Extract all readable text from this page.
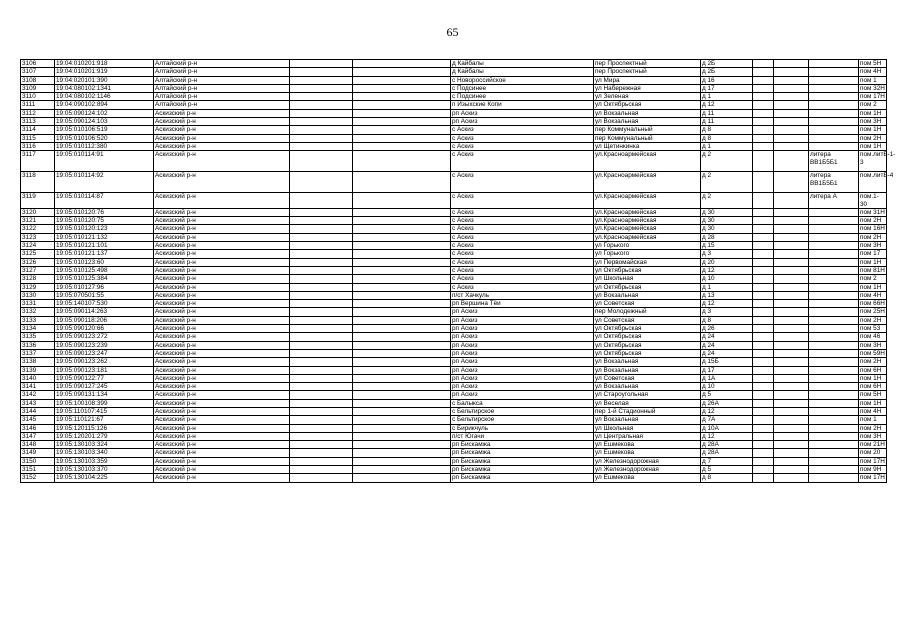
65
3106	19:04:010201:918	Алтайский р-н			д Кайбалы	пер Проспектный	д 2Б				пом 5Н
3107	19:04:010201:919	Алтайский р-н			д Кайбалы	пер Проспектный	д 2Б				пом 4Н
3108	19:04:020101:390	Алтайский р-н			с Новороссийское	ул Мира	д 16				пом 1
3109	19:04:080102:1341	Алтайский р-н			с Подсинее	ул Набережная	д 17				пом 32Н
3110	19:04:080102:1146	Алтайский р-н			с Подсинее	ул Зеленая	д 1				пом 17Н
3111	19:04:090102:894	Алтайский р-н			п Изыхские Копи	ул Октябрьская	д 12				пом 2
3112	19:05:090124:102	Аскизский р-н			рп Аскиз	ул Вокзальная	д 11				пом 1Н
3113	19:05:090124:103	Аскизский р-н			рп Аскиз	ул Вокзальная	д 11				пом 3Н
3114	19:05:010106:519	Аскизский р-н			с Аскиз	пер Коммунальный	д 8				пом 1Н
3115	19:05:010106:520	Аскизский р-н			с Аскиз	пер Коммунальный	д 8				пом 2Н
3116	19:05:010112:380	Аскизский р-н			с Аскиз	ул Щетинкинка	д 1				пом 1Н
3117	19:05:010114:91	Аскизский р-н			с Аскиз	ул.Красноармейская	д 2			литера ВВ1Б5Б1	пом.литБ-1-3
3118	19:05:010114:92	Аскизский р-н			с Аскиз	ул.Красноармейская	д 2			литера ВВ1Б5Б1	пом.литБ-4
3119	19:05:010114:87	Аскизский р-н			с Аскиз	ул.Красноармейская	д 2			литера А	пом.1-30
3120	19:05:010120:76	Аскизский р-н			с Аскиз	ул.Красноармейская	д 30				пом 31Н
3121	19:05:010120:75	Аскизский р-н			с Аскиз	ул.Красноармейская	д 30				пом 2Н
3122	19:05:010120:123	Аскизский р-н			с Аскиз	ул.Красноармейская	д 30				пом 16Н
3123	19:05:010121:132	Аскизский р-н			с Аскиз	ул.Красноармейская	д 28				пом 2Н
3124	19:05:010121:101	Аскизский р-н			с Аскиз	ул Горького	д 15				пом 3Н
3125	19:05:010121:137	Аскизский р-н			с Аскиз	ул Горького	д 3				пом 17
3126	19:05:010123:60	Аскизский р-н			с Аскиз	ул Первомайская	д 20				пом 1Н
3127	19:05:010125:498	Аскизский р-н			с Аскиз	ул Октябрьская	д 12				пом 81Н
3128	19:05:010125:384	Аскизский р-н			с Аскиз	ул Школьная	д 10				пом 2
3129	19:05:010127:96	Аскизский р-н			с Аскиз	ул Октябрьская	д 1				пом 1Н
3130	19:05:070501:55	Аскизский р-н			п/ст Хачкуль	ул Вокзальная	д 13				пом 4Н
3131	19:05:140107:530	Аскизский р-н			рп Вершина Тёи	ул Советская	д 12				пом 66Н
3132	19:05:090114:263	Аскизский р-н			рп Аскиз	пер Молодежный	д 3				пом 25Н
3133	19:05:090118:206	Аскизский р-н			рп Аскиз	ул Советская	д 8				пом 2Н
3134	19:05:090120:66	Аскизский р-н			рп Аскиз	ул Октябрьская	д 26				пом 53
3135	19:05:090123:272	Аскизский р-н			рп Аскиз	ул Октябрьская	д 24				пом 46
3136	19:05:090123:239	Аскизский р-н			рп Аскиз	ул Октябрьская	д 24				пом 3Н
3137	19:05:090123:247	Аскизский р-н			рп Аскиз	ул Октябрьская	д 24				пом 59Н
3138	19:05:090123:262	Аскизский р-н			рп Аскиз	ул Вокзальная	д 15Б				пом 2Н
3139	19:05:090123:181	Аскизский р-н			рп Аскиз	ул Вокзальная	д 17				пом 6Н
3140	19:05:090122:77	Аскизский р-н			рп Аскиз	ул Советская	д 1А				пом 1Н
3141	19:05:090127:245	Аскизский р-н			рп Аскиз	ул Вокзальная	д 10				пом 6Н
3142	19:05:090131:134	Аскизский р-н			рп Аскиз	ул Староугольная	д 5				пом 5Н
3143	19:05:100108:399	Аскизский р-н			с Балыкса	ул Веселая	д 26А				пом 1Н
3144	19:05:110107:415	Аскизский р-н			с Бельтирское	пер 1-й Стадионный	д 12				пом 4Н
3145	19:05:110121:67	Аскизский р-н			с Бельтирское	ул Вокзальная	д 7А				пом 1
3146	19:05:120115:126	Аскизский р-н			с Бирикчуль	ул Школьная	д 10А				пом 2Н
3147	19:05:120201:279	Аскизский р-н			п/ст Югачи	ул Центральная	д 12				пом 3Н
3148	19:05:130103:324	Аскизский р-н			рп Бискамжа	ул Ешмекова	д 28А				пом 21Н
3149	19:05:130103:340	Аскизский р-н			рп Бискамжа	ул Ешмекова	д 28А				пом 20
3150	19:05:130103:359	Аскизский р-н			рп Бискамжа	ул Железнодорожная	д 7				пом 17Н
3151	19:05:130103:370	Аскизский р-н			рп Бискамжа	ул Железнодорожная	д 5				пом 9Н
3152	19:05:130104:225	Аскизский р-н			рп Бискамжа	ул Ешмекова	д 8				пом 17Н
